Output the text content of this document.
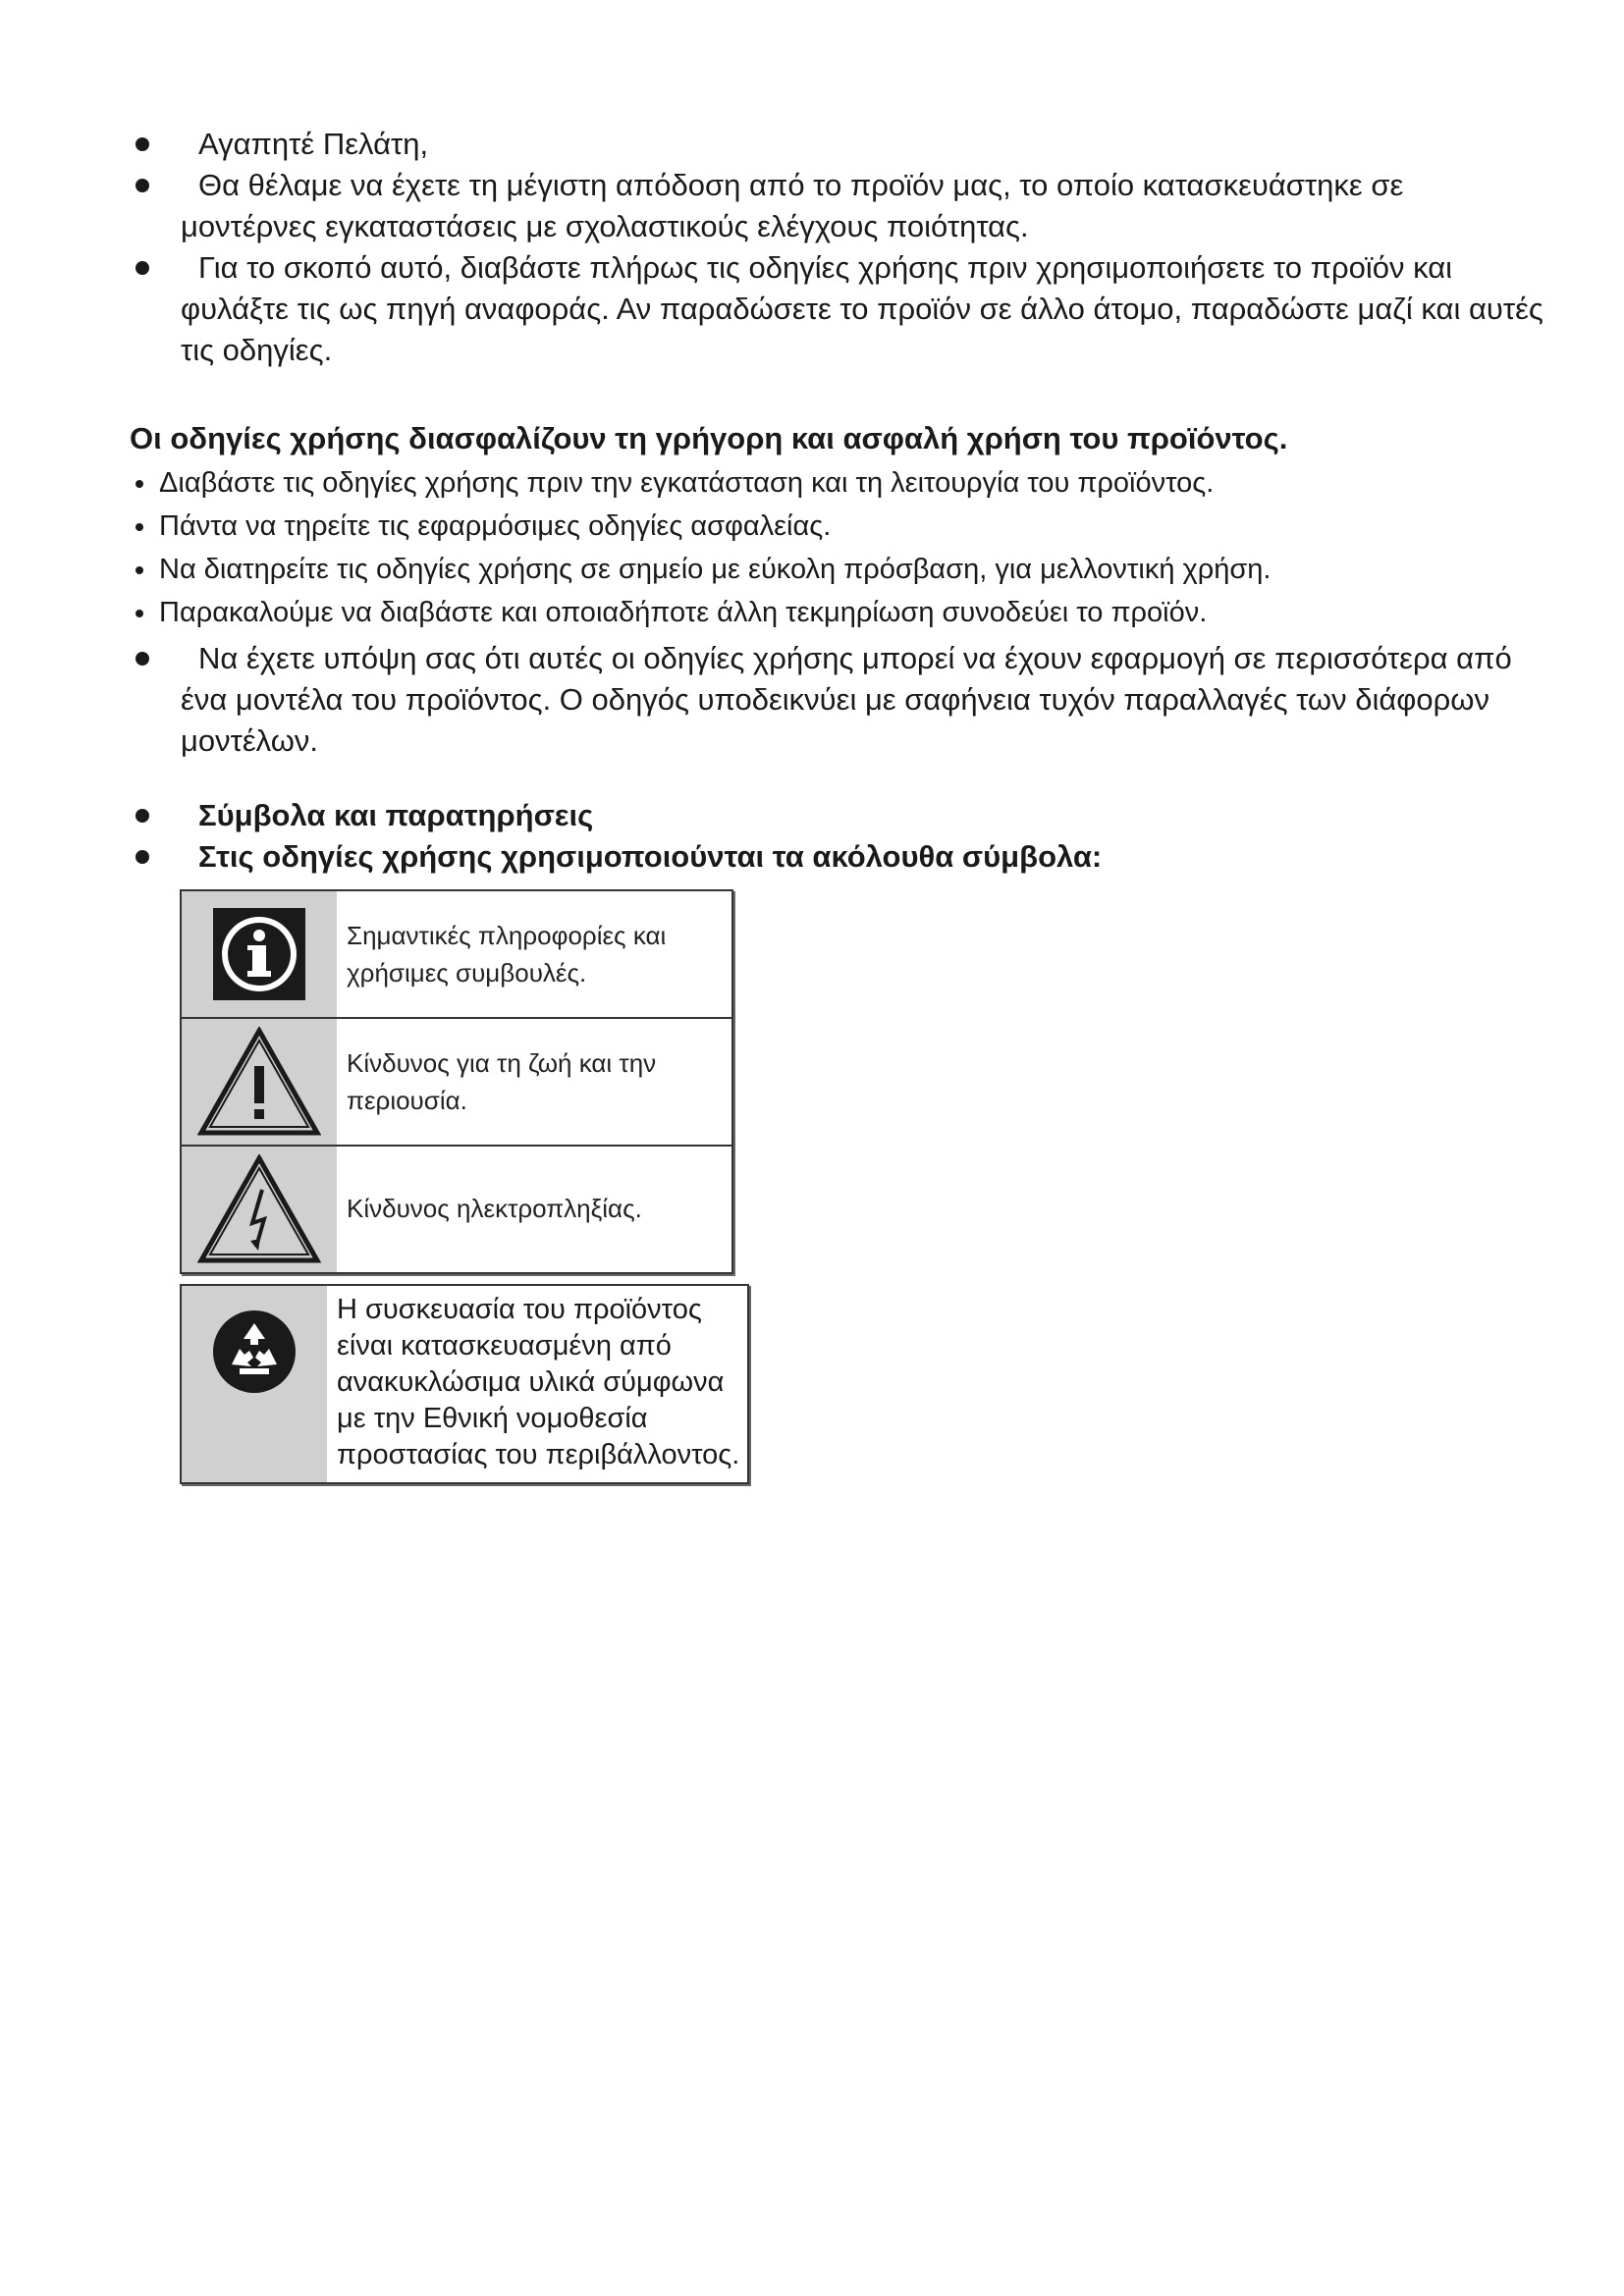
Αγαπητέ Πελάτη,
Θα θέλαμε να έχετε τη μέγιστη απόδοση από το προϊόν μας, το οποίο κατασκευάστηκε σε μοντέρνες εγκαταστάσεις με σχολαστικούς ελέγχους ποιότητας.
Για το σκοπό αυτό, διαβάστε πλήρως τις οδηγίες χρήσης πριν χρησιμοποιήσετε το προϊόν και φυλάξτε τις ως πηγή αναφοράς. Αν παραδώσετε το προϊόν σε άλλο άτομο, παραδώστε μαζί και αυτές τις οδηγίες.
Οι οδηγίες χρήσης διασφαλίζουν τη γρήγορη και ασφαλή χρήση του προϊόντος.
Διαβάστε τις οδηγίες χρήσης πριν την εγκατάσταση και τη λειτουργία του προϊόντος.
Πάντα να τηρείτε τις εφαρμόσιμες οδηγίες ασφαλείας.
Να διατηρείτε τις οδηγίες χρήσης σε σημείο με εύκολη πρόσβαση, για μελλοντική χρήση.
Παρακαλούμε να διαβάστε και οποιαδήποτε άλλη τεκμηρίωση συνοδεύει το προϊόν.
Να έχετε υπόψη σας ότι αυτές οι οδηγίες χρήσης μπορεί να έχουν εφαρμογή σε περισσότερα από ένα μοντέλα του προϊόντος. Ο οδηγός υποδεικνύει με σαφήνεια τυχόν παραλλαγές των διάφορων μοντέλων.
Σύμβολα και παρατηρήσεις
Στις οδηγίες χρήσης χρησιμοποιούνται τα ακόλουθα σύμβολα:
Σημαντικές πληροφορίες και χρήσιμες συμβουλές.
Κίνδυνος για τη ζωή και την περιουσία.
Κίνδυνος ηλεκτροπληξίας.
Η συσκευασία του προϊόντος είναι κατασκευασμένη από ανακυκλώσιμα υλικά σύμφωνα με την Εθνική νομοθεσία προστασίας του περιβάλλοντος.
